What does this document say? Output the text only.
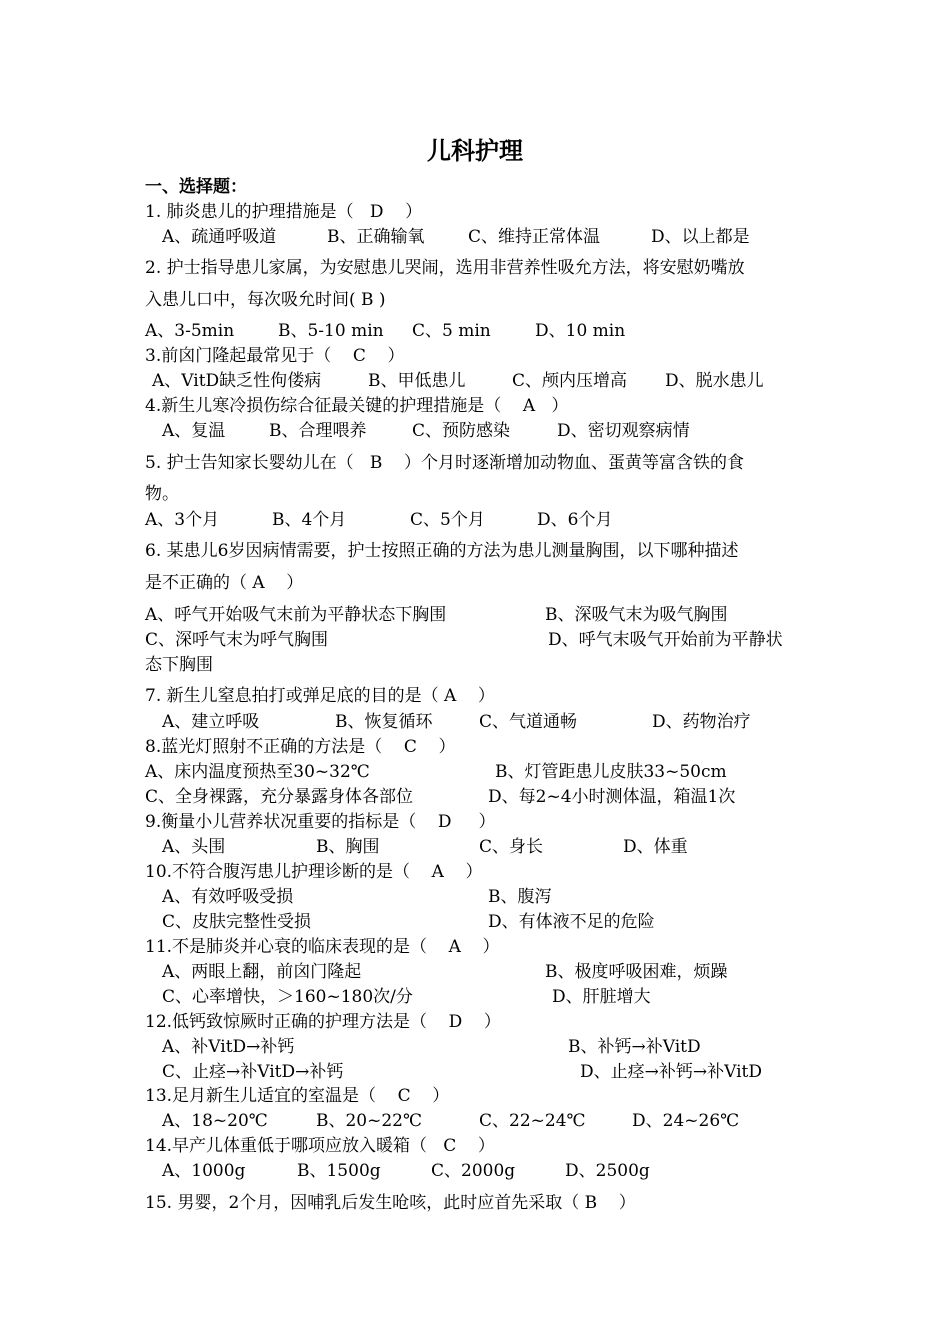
儿科护理
一、选择题：
1. 肺炎患儿的护理措施是（   D    ）
A、疏通呼吸道	B、正确输氧	C、维持正常体温	D、以上都是
2. 护士指导患儿家属，为安慰患儿哭闹，选用非营养性吸允方法，将安慰奶嘴放
入患儿口中，每次吸允时间( B )
A、3-5min	B、5-10 min C、5 min	D、10 min
3.前囟门隆起最常见于（    C    ）
A、VitD缺乏性佝偻病	B、甲低患儿	C、颅内压增高 D、脱水患儿
4.新生儿寒冷损伤综合征最关键的护理措施是（    A   ）
A、复温	B、合理喂养	C、预防感染	D、密切观察病情
5. 护士告知家长婴幼儿在（   B    ）个月时逐渐增加动物血、蛋黄等富含铁的食
物。
A、3个月	B、4个月	C、5个月	D、6个月
6. 某患儿6岁因病情需要，护士按照正确的方法为患儿测量胸围，以下哪种描述
是不正确的（ A    ）
A、呼气开始吸气末前为平静状态下胸围	B、深吸气末为吸气胸围
C、深呼气末为呼气胸围	D、呼气末吸气开始前为平静状
态下胸围
7. 新生儿窒息拍打或弹足底的目的是（ A    ）
A、建立呼吸	B、恢复循环	C、气道通畅	D、药物治疗
8.蓝光灯照射不正确的方法是（    C    ）
A、床内温度预热至30~32℃	B、灯管距患儿皮肤33~50cm
C、全身裸露，充分暴露身体各部位	D、每2~4小时测体温，箱温1次
9.衡量小儿营养状况重要的指标是（    D     ）
A、头围	B、胸围	C、身长	D、体重
10.不符合腹泻患儿护理诊断的是（    A    ）
A、有效呼吸受损	B、腹泻
C、皮肤完整性受损	D、有体液不足的危险
11.不是肺炎并心衰的临床表现的是（    A    ）
A、两眼上翻，前囟门隆起	B、极度呼吸困难，烦躁
C、心率增快，＞160~180次/分	D、肝脏增大
12.低钙致惊厥时正确的护理方法是（    D    ）
A、补VitD→补钙	B、补钙→补VitD
C、止痉→补VitD→补钙	D、止痉→补钙→补VitD
13.足月新生儿适宜的室温是（    C    ）
A、18~20℃	B、20~22℃	C、22~24℃	D、24~26℃
14.早产儿体重低于哪项应放入暖箱（   C    ）
A、1000g	B、1500g	C、2000g	D、2500g
15. 男婴，2个月，因哺乳后发生呛咳，此时应首先采取（ B    ）
